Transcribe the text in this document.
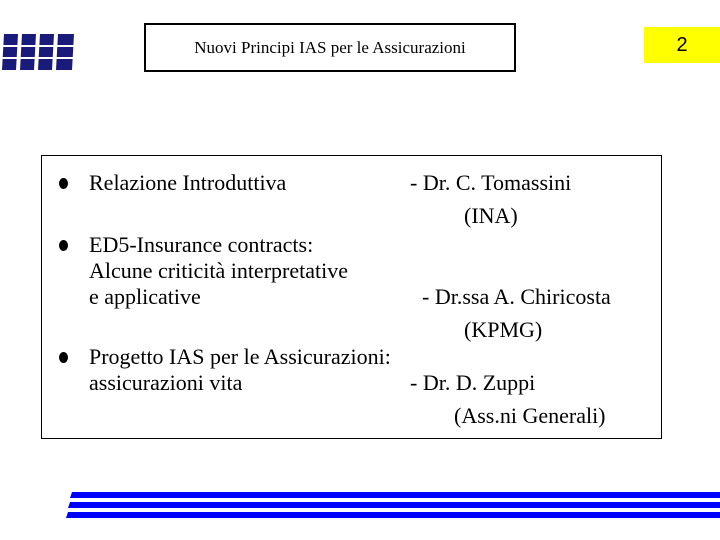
Nuovi Principi IAS per le Assicurazioni	2
Relazione Introduttiva	- Dr. C. Tomassini
(INA)
ED5-Insurance contracts:
Alcune criticità interpretative
e applicative	- Dr.ssa A. Chiricosta
(KPMG)
Progetto IAS per le Assicurazioni:
assicurazioni vita	- Dr. D. Zuppi
(Ass.ni Generali)
